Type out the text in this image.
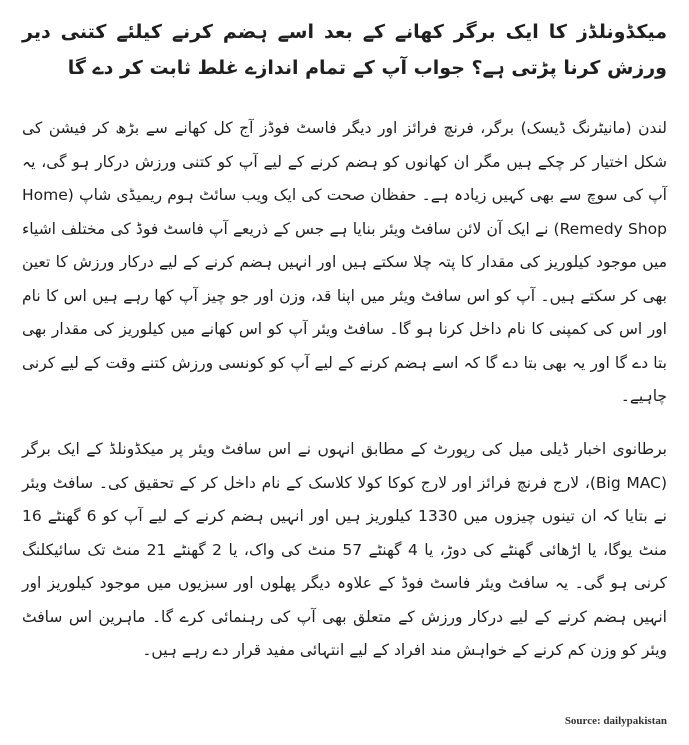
میکڈونلڈز کا ایک برگر کھانے کے بعد اسے ہضم کرنے کیلئے کتنی دیر ورزش کرنا پڑتی ہے؟ جواب آپ کے تمام اندازے غلط ثابت کر دے گا

لندن (مانیٹرنگ ڈیسک) برگر، فرنچ فرائز اور دیگر فاسٹ فوڈز آج کل کھانے سے بڑھ کر فیشن کی شکل اختیار کر چکے ہیں مگر ان کھانوں کو ہضم کرنے کے لیے آپ کو کتنی ورزش درکار ہو گی، یہ آپ کی سوچ سے بھی کہیں زیادہ ہے۔ حفظان صحت کی ایک ویب سائٹ ہوم ریمیڈی شاپ (Home Remedy Shop) نے ایک آن لائن سافٹ ویئر بنایا ہے جس کے ذریعے آپ فاسٹ فوڈ کی مختلف اشیاء میں موجود کیلوریز کی مقدار کا پتہ چلا سکتے ہیں اور انہیں ہضم کرنے کے لیے درکار ورزش کا تعین بھی کر سکتے ہیں۔ آپ کو اس سافٹ ویئر میں اپنا قد، وزن اور جو چیز آپ کھا رہے ہیں اس کا نام اور اس کی کمپنی کا نام داخل کرنا ہو گا۔ سافٹ ویئر آپ کو اس کھانے میں کیلوریز کی مقدار بھی بتا دے گا اور یہ بھی بتا دے گا کہ اسے ہضم کرنے کے لیے آپ کو کونسی ورزش کتنے وقت کے لیے کرنی چاہیے۔

برطانوی اخبار ڈیلی میل کی رپورٹ کے مطابق انہوں نے اس سافٹ ویئر پر میکڈونلڈ کے ایک برگر (Big MAC)، لارج فرنچ فرائز اور لارج کوکا کولا کلاسک کے نام داخل کر کے تحقیق کی۔ سافٹ ویئر نے بتایا کہ ان تینوں چیزوں میں 1330 کیلوریز ہیں اور انہیں ہضم کرنے کے لیے آپ کو 6 گھنٹے 16 منٹ یوگا، یا اڑھائی گھنٹے کی دوڑ، یا 4 گھنٹے 57 منٹ کی واک، یا 2 گھنٹے 21 منٹ تک سائیکلنگ کرنی ہو گی۔ یہ سافٹ ویئر فاسٹ فوڈ کے علاوہ دیگر پھلوں اور سبزیوں میں موجود کیلوریز اور انہیں ہضم کرنے کے لیے درکار ورزش کے متعلق بھی آپ کی رہنمائی کرے گا۔ ماہرین اس سافٹ ویئر کو وزن کم کرنے کے خواہش مند افراد کے لیے انتہائی مفید قرار دے رہے ہیں۔

Source: dailypakistan
